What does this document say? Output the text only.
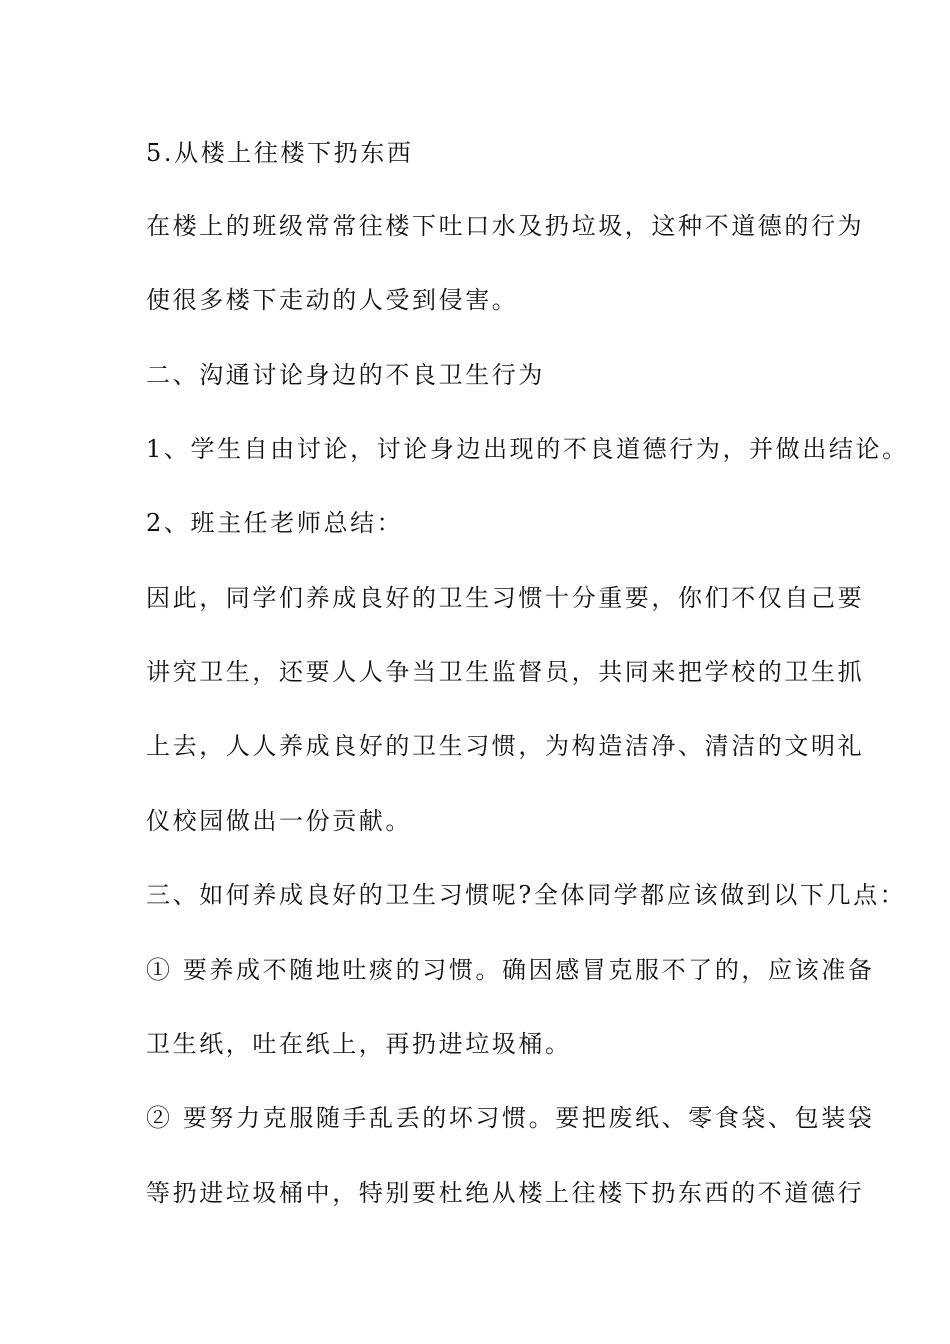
5.从楼上往楼下扔东西
在楼上的班级常常往楼下吐口水及扔垃圾，这种不道德的行为
使很多楼下走动的人受到侵害。
二、沟通讨论身边的不良卫生行为
1、学生自由讨论，讨论身边出现的不良道德行为，并做出结论。
2、班主任老师总结：
因此，同学们养成良好的卫生习惯十分重要，你们不仅自己要
讲究卫生，还要人人争当卫生监督员，共同来把学校的卫生抓
上去，人人养成良好的卫生习惯，为构造洁净、清洁的文明礼
仪校园做出一份贡献。
三、如何养成良好的卫生习惯呢?全体同学都应该做到以下几点：
① 要养成不随地吐痰的习惯。确因感冒克服不了的，应该准备
卫生纸，吐在纸上，再扔进垃圾桶。
② 要努力克服随手乱丢的坏习惯。要把废纸、零食袋、包装袋
等扔进垃圾桶中，特别要杜绝从楼上往楼下扔东西的不道德行
